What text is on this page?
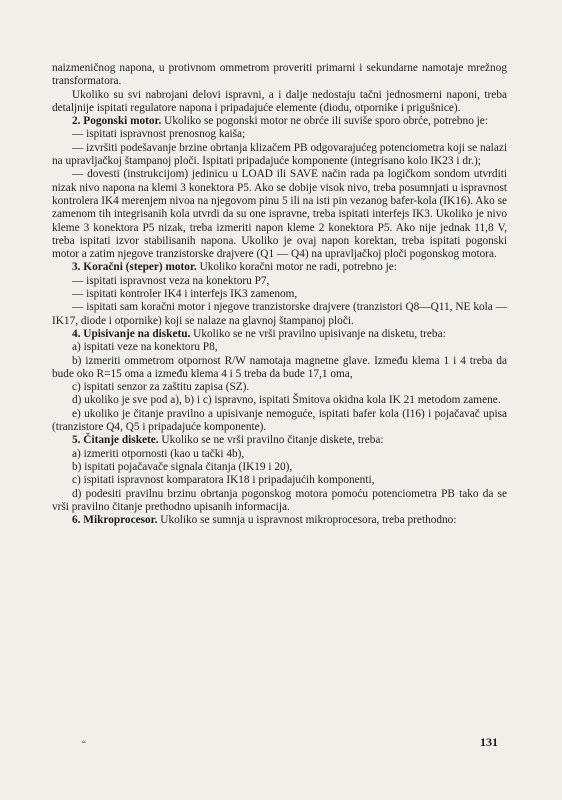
naizmeničnog napona, u protivnom ommetrom proveriti primarni i sekundarne namotaje mrežnog transformatora.

Ukoliko su svi nabrojani delovi ispravni, a i dalje nedostaju tačni jednosmerni naponi, treba detaljnije ispitati regulatore napona i pripadajuće elemente (diodu, otpornike i prigušnice).

2. Pogonski motor. Ukoliko se pogonski motor ne obrće ili suviše sporo obrće, potrebno je:

— ispitati ispravnost prenosnog kaiša;

— izvršiti podešavanje brzine obrtanja klizačem PB odgovarajućeg potenciometra koji se nalazi na upravljačkoj štampanoj ploči. Ispitati pripadajuće komponente (integrisano kolo IK23 i dr.);

— dovesti (instrukcijom) jedinicu u LOAD ili SAVE način rada pa logičkom sondom utvrditi nizak nivo napona na klemi 3 konektora P5. Ako se dobije visok nivo, treba posumnjati u ispravnost kontrolera IK4 merenjem nivoa na njegovom pinu 5 ili na isti pin vezanog bafer-kola (IK16). Ako se zamenom tih integrisanih kola utvrdi da su one ispravne, treba ispitati interfejs IK3. Ukoliko je nivo kleme 3 konektora P5 nizak, treba izmeriti napon kleme 2 konektora P5. Ako nije jednak 11,8 V, treba ispitati izvor stabilisanih napona. Ukoliko je ovaj napon korektan, treba ispitati pogonski motor a zatim njegove tranzistorske drajvere (Q1 — Q4) na upravljačkoj ploči pogonskog motora.

3. Koračni (steper) motor. Ukoliko koračni motor ne radi, potrebno je:

— ispitati ispravnost veza na konektoru P7,

— ispitati kontroler IK4 i interfejs IK3 zamenom,

— ispitati sam koračni motor i njegove tranzistorske drajvere (tranzistori Q8—Q11, NE kola — IK17, diode i otpornike) koji se nalaze na glavnoj štampanoj ploči.

4. Upisivanje na disketu. Ukoliko se ne vrši pravilno upisivanje na disketu, treba:

a) ispitati veze na konektoru P8,

b) izmeriti ommetrom otpornost R/W namotaja magnetne glave. Između klema 1 i 4 treba da bude oko R=15 oma a između klema 4 i 5 treba da bude 17,1 oma,

c) ispitati senzor za zaštitu zapisa (SZ).

d) ukoliko je sve pod a), b) i c) ispravno, ispitati Šmitova okidna kola IK 21 metodom zamene.

e) ukoliko je čitanje pravilno a upisivanje nemoguće, ispitati bafer kola (I16) i pojačavač upisa (tranzistore Q4, Q5 i pripadajuće komponente).

5. Čitanje diskete. Ukoliko se ne vrši pravilno čitanje diskete, treba:

a) izmeriti otpornosti (kao u tački 4b),

b) ispitati pojačavače signala čitanja (IK19 i 20),

c) ispitati ispravnost komparatora IK18 i pripadajućih komponenti,

d) podesiti pravilnu brzinu obrtanja pogonskog motora pomoću potenciometra PB tako da se vrši pravilno čitanje prethodno upisanih informacija.

6. Mikroprocesor. Ukoliko se sumnja u ispravnost mikroprocesora, treba prethodno:

“	131
